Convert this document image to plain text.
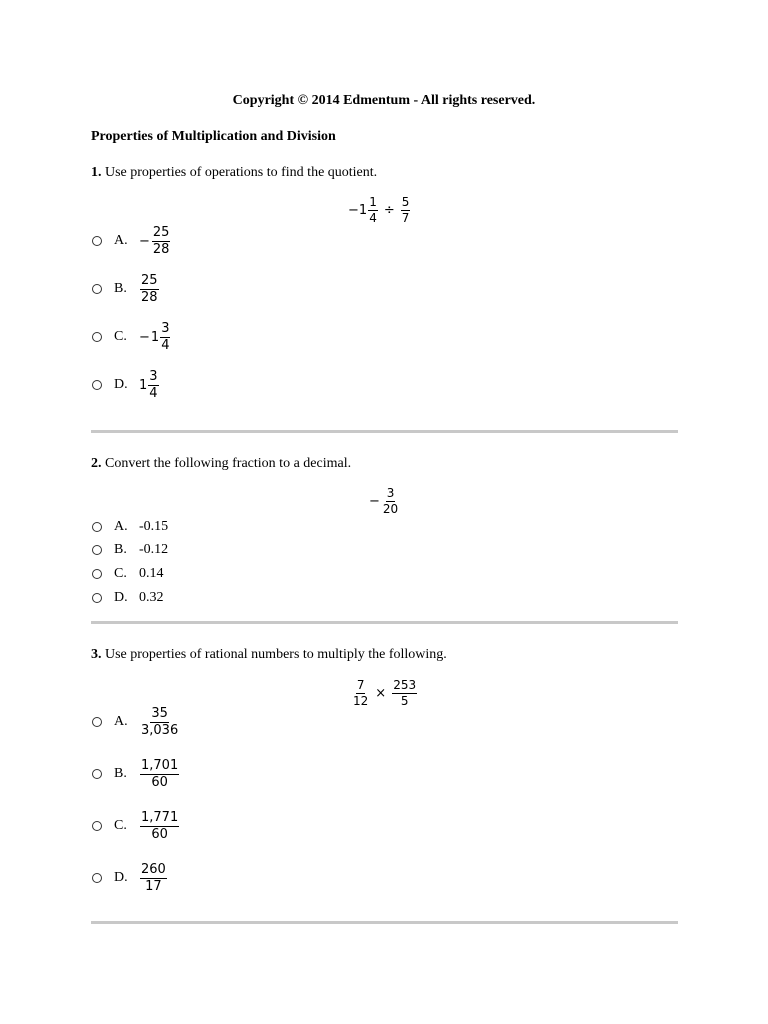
Copyright © 2014 Edmentum - All rights reserved.
Properties of Multiplication and Division
1. Use properties of operations to find the quotient.
− $1 \frac{1}{4} \div \frac{5}{7}$
A. − $\frac{25}{28}$
B.	$\frac{25}{28}$
C. − $1 \frac{3}{4}$
D. $1 \frac{3}{4}$
2. Convert the following fraction to a decimal.
− $\frac{3}{20}$
A. -0.15
B. -0.12
C. 0.14
D. 0.32
3. Use properties of rational numbers to multiply the following.
$\frac{7}{12} \times \frac{253}{5}$
A. $\frac{35}{3,036}$
B.	$\frac{1,701}{60}$
C.	$\frac{1,771}{60}$
D. $\frac{260}{17}$
